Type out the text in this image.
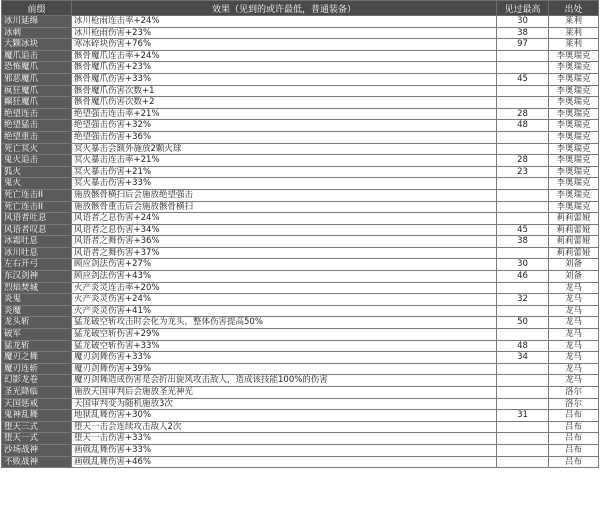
前缀	效果（见到的或许最低，普通装备）	见过最高	出处
冰川延绵	冰川枪雨连击率+24%	30	莱利
冰刺	冰川枪雨伤害+23%	38	莱利
大颗冰块	寒冰碎块伤害+76%	97	莱利
魔爪追击	骸骨魔爪连击率+24%		李奥瑞克
恐怖魔爪	骸骨魔爪伤害+23%		李奥瑞克
邪恶魔爪	骸骨魔爪伤害+33%	45	李奥瑞克
疯狂魔爪	骸骨魔爪伤害次数+1		李奥瑞克
癫狂魔爪	骸骨魔爪伤害次数+2		李奥瑞克
绝望连击	绝望强击连击率+21%	28	李奥瑞克
绝望猛击	绝望强击伤害+32%	48	李奥瑞克
绝望重击	绝望强击伤害+36%		李奥瑞克
死亡冥火	冥火暴击会额外施放2颗火球		李奥瑞克
鬼火追击	冥火暴击连击率+21%	28	李奥瑞克
狐火	冥火暴击伤害+21%	23	李奥瑞克
鬼火	冥火暴击伤害+33%		李奥瑞克
死亡连击II	施放骸骨横扫后会施放绝望强击		李奥瑞克
死亡连击II	施放骸骨重击后会施放骸骨横扫		李奥瑞克
风语者吐息	风语者之息伤害+24%		莉莉蕾娅
风语者叹息	风语者之息伤害+34%	45	莉莉蕾娅
冰霜吐息	风语者之舞伤害+36%	38	莉莉蕾娅
冰川吐息	风语者之舞伤害+37%		莉莉蕾娅
左右开弓	顾应剑法伤害+27%	30	刘备
东汉剑神	顾应剑法伤害+43%	46	刘备
烈焰焚城	火产炎灵连击率+20%		龙马
炎鬼	火产炎灵伤害+24%	32	龙马
炎魔	火产炎灵伤害+41%		龙马
龙头斩	猛龙破空斩攻击时会化为龙头，整体伤害提高50%	50	龙马
破军	猛龙破空斩伤害+29%		龙马
猛龙斩	猛龙破空斩伤害+33%	48	龙马
魔刃之舞	魔刃剑舞伤害+33%	34	龙马
魔刃连斩	魔刃剑舞伤害+39%		龙马
幻影龙卷	魔刃剑舞造成伤害是会折出旋风攻击敌人，造成该技能100%的伤害		龙马
圣光降临	施放天国审判后会施放圣光神光		洛尔
天国惩戒	天国审判变为随机施放3次		洛尔
鬼神乱舞	地狱乱舞伤害+30%	31	吕布
堕天三式	堕天一击会连续攻击敌人2次		吕布
堕天一式	堕天一击伤害+33%		吕布
沙场战神	画戟乱舞伤害+33%		吕布
不败战神	画戟乱舞伤害+46%		吕布
